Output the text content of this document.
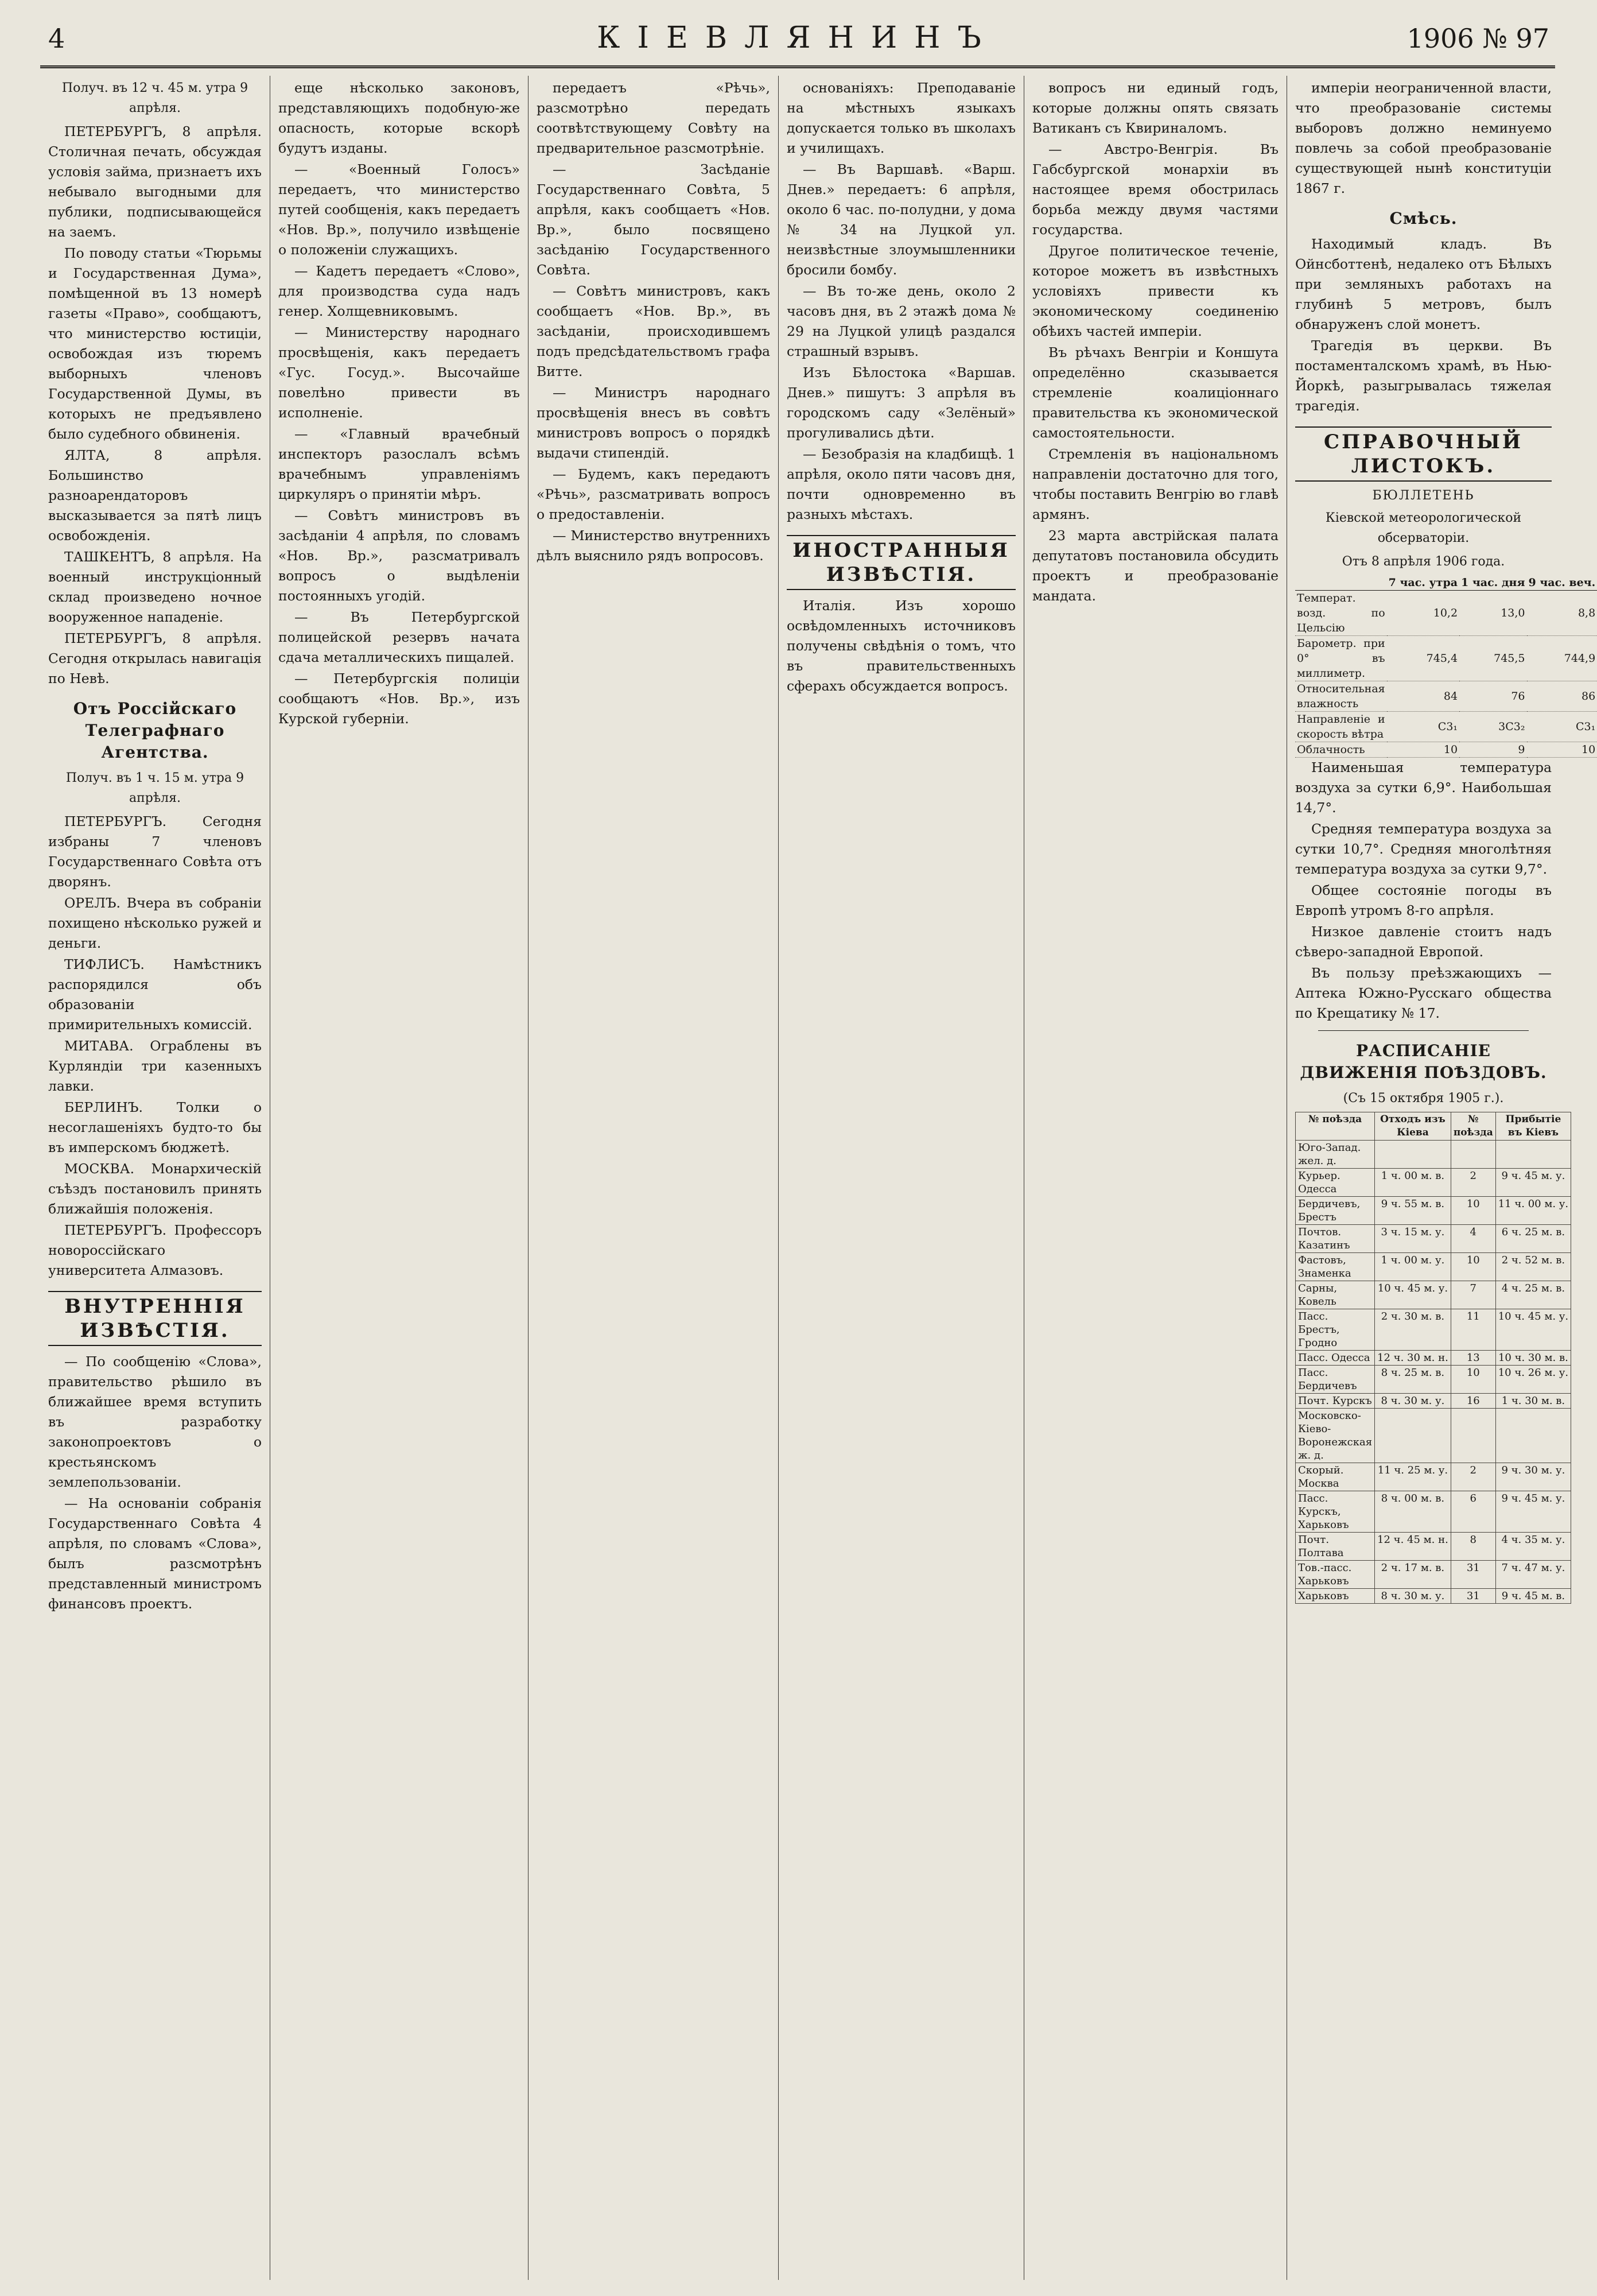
4	КІЕВЛЯНИНЪ	1906 № 97
Получ. въ 12 ч. 45 м. утра 9 апрѣля.

ПЕТЕРБУРГЪ, 8 апрѣля. Столичная печать, обсуждая условія займа, признаетъ ихъ небывало выгодными для публики, подписывающейся на заемъ.

По поводу статьи «Тюрьмы и Государственная Дума», помѣщенной въ 13 номерѣ газеты «Право», сообщаютъ, что министерство юстиціи, освобождая изъ тюремъ выборныхъ членовъ Государственной Думы, въ которыхъ не предъявлено было судебного обвиненія.

ЯЛТА, 8 апрѣля. Большинство разноарендаторовъ высказывается за пятѣ лицъ освобожденія.

ТАШКЕНТЪ, 8 апрѣля. На военный инструкціонный склад произведено ночное вооруженное нападеніе.

ПЕТЕРБУРГЪ, 8 апрѣля. Сегодня открылась навигація по Невѣ.

Отъ Россійскаго Телеграфнаго Агентства.
Получ. въ 1 ч. 15 м. утра 9 апрѣля.

ПЕТЕРБУРГЪ. Сегодня избраны 7 членовъ Государственнаго Совѣта отъ дворянъ.

ОРЕЛЪ. Вчера въ собраніи похищено нѣсколько ружей и деньги.

ТИФЛИСЪ. Намѣстникъ распорядился объ образованіи примирительныхъ комиссій.

МИТАВА. Ограблены въ Курляндіи три казенныхъ лавки.

БЕРЛИНЪ. Толки о несоглашеніяхъ будто-то бы въ имперскомъ бюджетѣ.

МОСКВА. Монархическій съѣздъ постановилъ принять ближайшія положенія.

ПЕТЕРБУРГЪ. Профессоръ новороссійскаго университета Алмазовъ.

ВНУТРЕННІЯ ИЗВѢСТІЯ.

— По сообщенію «Слова», правительство рѣшило въ ближайшее время вступить въ разработку законопроектовъ о крестьянскомъ землепользованіи.

— На основаніи собранія Государственнаго Совѣта 4 апрѣля, по словамъ «Слова», былъ разсмотрѣнъ представленный министромъ финансовъ проектъ.

еще нѣсколько законовъ, представляющихъ подобную-же опасность, которые вскорѣ будутъ изданы.

— «Военный Голосъ» передаетъ, что министерство путей сообщенія, какъ передаетъ «Нов. Вр.», получило извѣщеніе о положеніи служащихъ.

— Кадетъ передаетъ «Слово», для производства суда надъ генер. Холщевниковымъ.

— Министерству народнаго просвѣщенія, какъ передаетъ «Гус. Госуд.». Высочайше повелѣно привести въ исполненіе.

— «Главный врачебный инспекторъ разослалъ всѣмъ врачебнымъ управленіямъ циркуляръ о принятіи мѣръ.

— Совѣтъ министровъ въ засѣданіи 4 апрѣля, по словамъ «Нов. Вр.», разсматривалъ вопросъ о выдѣленіи постоянныхъ угодій.

— Въ Петербургской полицейской резервъ начата сдача металлическихъ пищалей.

— Петербургскія полиціи сообщаютъ «Нов. Вр.», изъ Курской губерніи.

передаетъ «Рѣчь», разсмотрѣно передать соотвѣтствующему Совѣту на предварительное разсмотрѣніе.

— Засѣданіе Государственнаго Совѣта, 5 апрѣля, какъ сообщаетъ «Нов. Вр.», было посвящено засѣданію Государственного Совѣта.

— Совѣтъ министровъ, какъ сообщаетъ «Нов. Вр.», въ засѣданіи, происходившемъ подъ предсѣдательствомъ графа Витте.

— Министръ народнаго просвѣщенія внесъ въ совѣтъ министровъ вопросъ о порядкѣ выдачи стипендій.

— Будемъ, какъ передаютъ «Рѣчь», разсматривать вопросъ о предоставленіи.

— Министерство внутреннихъ дѣлъ выяснило рядъ вопросовъ.

основаніяхъ: Преподаваніе на мѣстныхъ языкахъ допускается только въ школахъ и училищахъ.

— Въ Варшавѣ. «Варш. Днев.» передаетъ: 6 апрѣля, около 6 час. по-полудни, у дома № 34 на Луцкой ул. неизвѣстные злоумышленники бросили бомбу.

— Въ то-же день, около 2 часовъ дня, въ 2 этажѣ дома № 29 на Луцкой улицѣ раздался страшный взрывъ.

Изъ Бѣлостока «Варшав. Днев.» пишутъ: 3 апрѣля въ городскомъ саду «Зелёный» прогуливались дѣти.

— Безобразія на кладбищѣ. 1 апрѣля, около пяти часовъ дня, почти одновременно въ разныхъ мѣстахъ.

ИНОСТРАННЫЯ ИЗВѢСТІЯ.

Италія. Изъ хорошо освѣдомленныхъ источниковъ получены свѣдѣнія о томъ, что въ правительственныхъ сферахъ обсуждается вопросъ.

вопросъ ни единый годъ, которые должны опять связать Ватиканъ съ Квириналомъ.

— Австро-Венгрія. Въ Габсбургской монархіи въ настоящее время обострилась борьба между двумя частями государства.

Другое политическое теченіе, которое можетъ въ извѣстныхъ условіяхъ привести къ экономическому соединенію обѣихъ частей имперіи.

Въ рѣчахъ Венгріи и Коншута определённо сказывается стремленіе коалиціоннаго правительства къ экономической самостоятельности.

Стремленія въ національномъ направленіи достаточно для того, чтобы поставить Венгрію во главѣ армянъ.

23 марта австрійская палата депутатовъ постановила обсудить проектъ и преобразованіе мандата.

имперіи неограниченной власти, что преобразованіе системы выборовъ должно неминуемо повлечь за собой преобразованіе существующей нынѣ конституціи 1867 г.

Смѣсь.

Находимый кладъ. Въ Ойнсботтенѣ, недалеко отъ Бѣлыхъ при земляныхъ работахъ на глубинѣ 5 метровъ, былъ обнаруженъ слой монетъ.

Трагедія въ церкви. Въ постаменталскомъ храмѣ, въ Нью-Йоркѣ, разыгрывалась тяжелая трагедія.

СПРАВОЧНЫЙ ЛИСТОКЪ.
БЮЛЛЕТЕНЬ
Кіевской метеорологической обсерваторіи.
Отъ 8 апрѣля 1906 года.
	7 час. утра	1 час. дня	9 час. веч.
Температ. возд. по Цельсію	10,2	13,0	8,8
Барометр. при 0° въ миллиметр.	745,4	745,5	744,9
Относительная влажность	84	76	86
Направленіе и скорость вѣтра	C3₁	3C3₂	C3₁
Облачность	10	9	10

Наименьшая температура воздуха за сутки 6,9°. Наибольшая 14,7°.

Средняя температура воздуха за сутки 10,7°. Средняя многолѣтняя температура воздуха за сутки 9,7°.

Общее состояніе погоды въ Европѣ утромъ 8-го апрѣля.

Низкое давленіе стоитъ надъ сѣверо-западной Европой.

Въ пользу преѣзжающихъ — Аптека Южно-Русскаго общества по Крещатику № 17.

РАСПИСАНІЕ ДВИЖЕНІЯ ПОѢЗДОВЪ.
(Съ 15 октября 1905 г.).
№ поѣзда	Отходъ изъ Кіева	№ поѣзда	Прибытіе въ Кіевъ
Юго-Запад. жел. д.			
Курьер. Одесса	1 ч. 00 м. в.	2	9 ч. 45 м. у.
Бердичевъ, Брестъ	9 ч. 55 м. в.	10	11 ч. 00 м. у.
Почтов. Казатинъ	3 ч. 15 м. у.	4	6 ч. 25 м. в.
Фастовъ, Знаменка	1 ч. 00 м. у.	10	2 ч. 52 м. в.
Сарны, Ковель	10 ч. 45 м. у.	7	4 ч. 25 м. в.
Пасс. Брестъ, Гродно	2 ч. 30 м. в.	11	10 ч. 45 м. у.
Пасс. Одесса	12 ч. 30 м. н.	13	10 ч. 30 м. в.
Пасс. Бердичевъ	8 ч. 25 м. в.	10	10 ч. 26 м. у.
Почт. Курскъ	8 ч. 30 м. у.	16	1 ч. 30 м. в.
Московско-Кіево-Воронежская ж. д.			
Скорый. Москва	11 ч. 25 м. у.	2	9 ч. 30 м. у.
Пасс. Курскъ, Харьковъ	8 ч. 00 м. в.	6	9 ч. 45 м. у.
Почт. Полтава	12 ч. 45 м. н.	8	4 ч. 35 м. у.
Тов.-пасс. Харьковъ	2 ч. 17 м. в.	31	7 ч. 47 м. у.
Харьковъ	8 ч. 30 м. у.	31	9 ч. 45 м. в.
